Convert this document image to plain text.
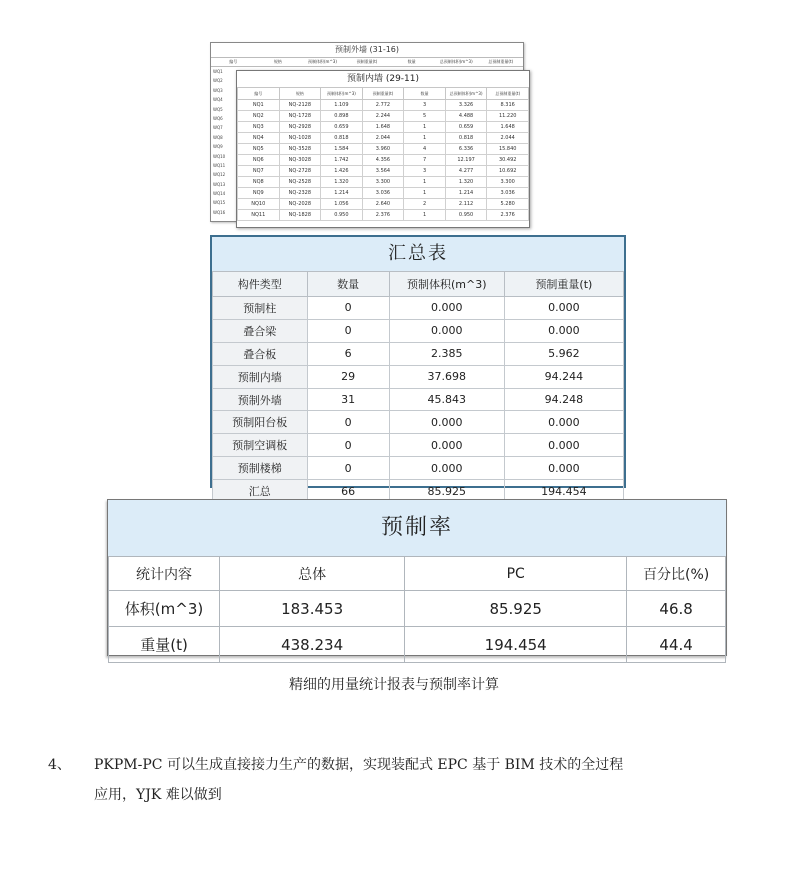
预制外墙 (31-16)
编号	规格	预制体积(m^3)	预制重量(t)	数量	总预制体积(m^3)	总预制重量(t)
WQ1
WQ2
WQ3
WQ4
WQ5
WQ6
WQ7
WQ8
WQ9
WQ10
WQ11
WQ12
WQ13
WQ14
WQ15
WQ16
预制内墙 (29-11)
编号	规格	预制体积(m^3)	预制重量(t)	数量	总预制体积(m^3)	总预制重量(t)
NQ1	NQ-2128	1.109	2.772	3	3.326	8.316
NQ2	NQ-1728	0.898	2.244	5	4.488	11.220
NQ3	NQ-2928	0.659	1.648	1	0.659	1.648
NQ4	NQ-1028	0.818	2.044	1	0.818	2.044
NQ5	NQ-3528	1.584	3.960	4	6.336	15.840
NQ6	NQ-3028	1.742	4.356	7	12.197	30.492
NQ7	NQ-2728	1.426	3.564	3	4.277	10.692
NQ8	NQ-2528	1.320	3.300	1	1.320	3.300
NQ9	NQ-2328	1.214	3.036	1	1.214	3.036
NQ10	NQ-2028	1.056	2.640	2	2.112	5.280
NQ11	NQ-1828	0.950	2.376	1	0.950	2.376
汇总表
构件类型	数量	预制体积(m^3)	预制重量(t)
预制柱	0	0.000	0.000
叠合梁	0	0.000	0.000
叠合板	6	2.385	5.962
预制内墙	29	37.698	94.244
预制外墙	31	45.843	94.248
预制阳台板	0	0.000	0.000
预制空调板	0	0.000	0.000
预制楼梯	0	0.000	0.000
汇总	66	85.925	194.454
预制率
统计内容	总体	PC	百分比(%)
体积(m^3)	183.453	85.925	46.8
重量(t)	438.234	194.454	44.4
精细的用量统计报表与预制率计算
4、 PKPM-PC 可以生成直接接力生产的数据，实现装配式 EPC 基于 BIM 技术的全过程
应用，YJK 难以做到
